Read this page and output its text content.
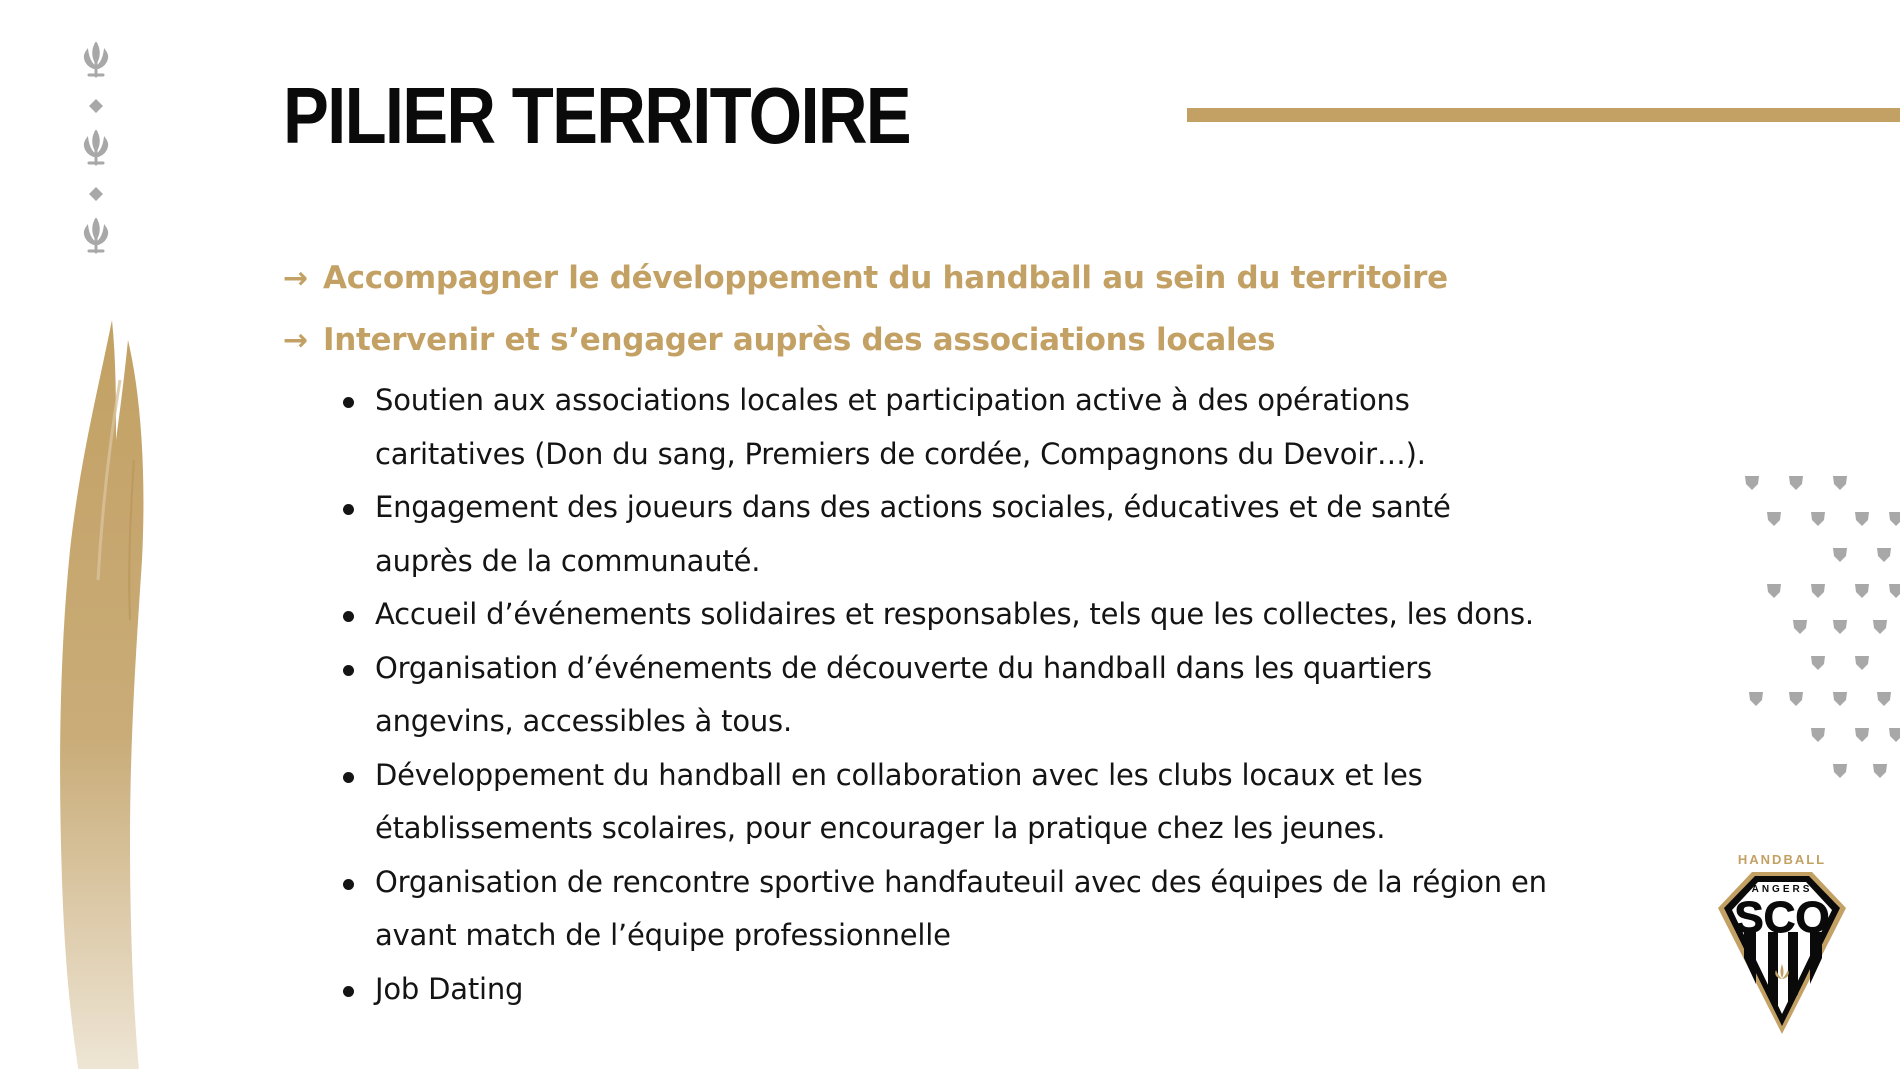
PILIER TERRITOIRE
→ Accompagner le développement du handball au sein du territoire
→ Intervenir et s’engager auprès des associations locales
Soutien aux associations locales et participation active à des opérations
caritatives (Don du sang, Premiers de cordée, Compagnons du Devoir…).
Engagement des joueurs dans des actions sociales, éducatives et de santé
auprès de la communauté.
Accueil d’événements solidaires et responsables, tels que les collectes, les dons.
Organisation d’événements de découverte du handball dans les quartiers
angevins, accessibles à tous.
Développement du handball en collaboration avec les clubs locaux et les
établissements scolaires, pour encourager la pratique chez les jeunes.
Organisation de rencontre sportive handfauteuil avec des équipes de la région en
avant match de l’équipe professionnelle
Job Dating
HANDBALL
ANGERS
SCO
